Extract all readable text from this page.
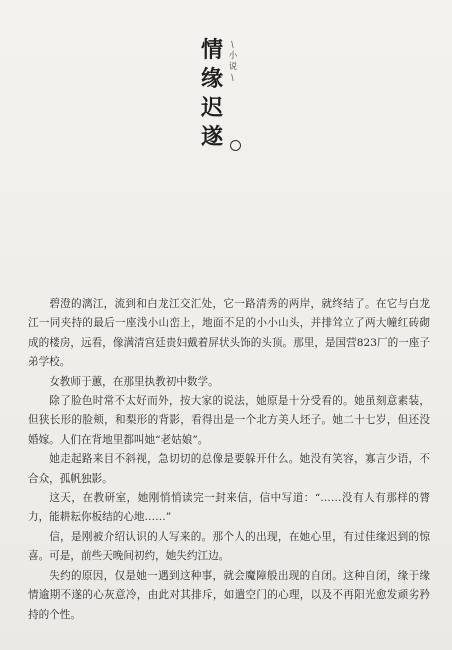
情
缘
迟
遂
/
小
说
/

碧澄的漓江，流到和白龙江交汇处，它一路清秀的两岸，就终结了。在它与白龙江一同夹持的最后一座浅小山峦上，地面不足的小小山头，并排耸立了两大幢红砖砌成的楼房，远看，像满清宫廷贵妇戴着屏状头饰的头顶。那里，是国营823厂的一座子弟学校。

女教师于蕙，在那里执教初中数学。

除了脸色时常不太好而外，按大家的说法，她原是十分受看的。她虽刻意素装，但狭长形的脸颊，和梨形的背影，看得出是一个北方美人坯子。她二十七岁，但还没婚嫁。人们在背地里都叫她“老姑娘”。

她走起路来目不斜视，急切切的总像是要躲开什么。她没有笑容，寡言少语，不合众，孤帆独影。

这天，在教研室，她刚悄悄读完一封来信，信中写道：“……没有人有那样的膂力，能耕耘你板结的心地……”

信，是刚被介绍认识的人写来的。那个人的出现，在她心里，有过佳缘迟到的惊喜。可是，前些天晚间初约，她失约江边。

失约的原因，仅是她一遇到这种事，就会魔障般出现的自闭。这种自闭，缘于缘情逾期不遂的心灰意冷，由此对其排斥，如遣空门的心理，以及不再阳光愈发顽劣矜持的个性。
